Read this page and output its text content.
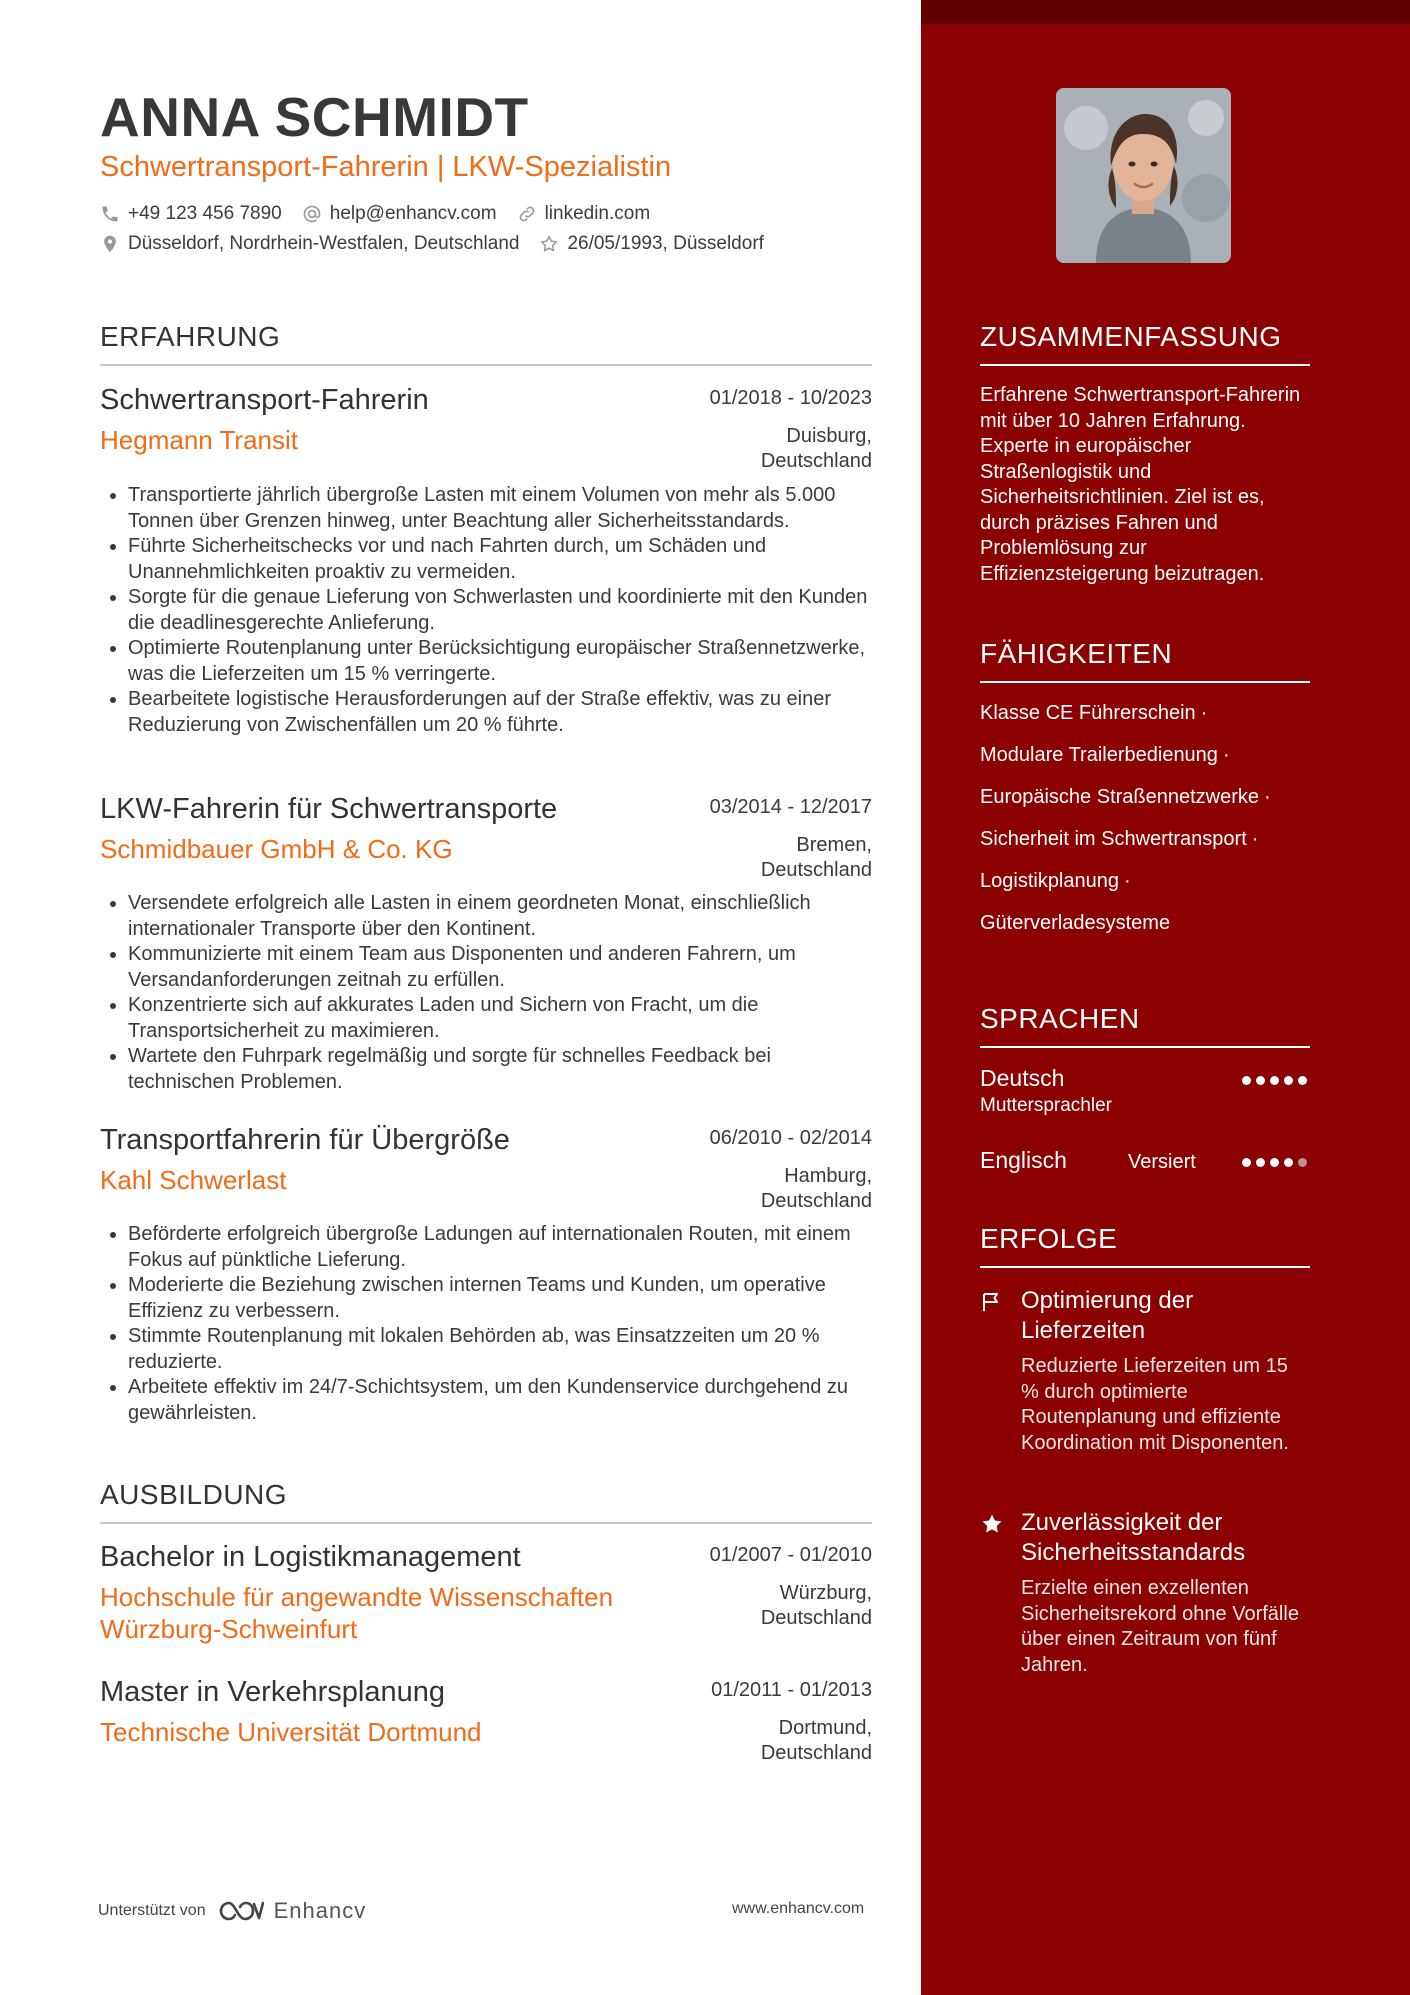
ANNA SCHMIDT
Schwertransport-Fahrerin | LKW-Spezialistin
+49 123 456 7890	help@enhancv.com	linkedin.com
Düsseldorf, Nordrhein-Westfalen, Deutschland	26/05/1993, Düsseldorf
ERFAHRUNG
Schwertransport-Fahrerin	01/2018 - 10/2023
Hegmann Transit	Duisburg,
Deutschland
• Transportierte jährlich übergroße Lasten mit einem Volumen von mehr als 5.000 Tonnen über Grenzen hinweg, unter Beachtung aller Sicherheitsstandards.
• Führte Sicherheitschecks vor und nach Fahrten durch, um Schäden und Unannehmlichkeiten proaktiv zu vermeiden.
• Sorgte für die genaue Lieferung von Schwerlasten und koordinierte mit den Kunden die deadlinesgerechte Anlieferung.
• Optimierte Routenplanung unter Berücksichtigung europäischer Straßennetzwerke, was die Lieferzeiten um 15 % verringerte.
• Bearbeitete logistische Herausforderungen auf der Straße effektiv, was zu einer Reduzierung von Zwischenfällen um 20 % führte.
LKW-Fahrerin für Schwertransporte	03/2014 - 12/2017
Schmidbauer GmbH & Co. KG	Bremen,
Deutschland
• Versendete erfolgreich alle Lasten in einem geordneten Monat, einschließlich internationaler Transporte über den Kontinent.
• Kommunizierte mit einem Team aus Disponenten und anderen Fahrern, um Versandanforderungen zeitnah zu erfüllen.
• Konzentrierte sich auf akkurates Laden und Sichern von Fracht, um die Transportsicherheit zu maximieren.
• Wartete den Fuhrpark regelmäßig und sorgte für schnelles Feedback bei technischen Problemen.
Transportfahrerin für Übergröße	06/2010 - 02/2014
Kahl Schwerlast	Hamburg,
Deutschland
• Beförderte erfolgreich übergroße Ladungen auf internationalen Routen, mit einem Fokus auf pünktliche Lieferung.
• Moderierte die Beziehung zwischen internen Teams und Kunden, um operative Effizienz zu verbessern.
• Stimmte Routenplanung mit lokalen Behörden ab, was Einsatzzeiten um 20 % reduzierte.
• Arbeitete effektiv im 24/7-Schichtsystem, um den Kundenservice durchgehend zu gewährleisten.
AUSBILDUNG
Bachelor in Logistikmanagement	01/2007 - 01/2010
Hochschule für angewandte Wissenschaften Würzburg-Schweinfurt
Würzburg,
Deutschland
Master in Verkehrsplanung	01/2011 - 01/2013
Technische Universität Dortmund	Dortmund,
Deutschland
Unterstützt von	Enhancv	www.enhancv.com
ZUSAMMENFASSUNG
Erfahrene Schwertransport-Fahrerin mit über 10 Jahren Erfahrung. Experte in europäischer Straßenlogistik und Sicherheitsrichtlinien. Ziel ist es, durch präzises Fahren und Problemlösung zur Effizienzsteigerung beizutragen.
FÄHIGKEITEN
Klasse CE Führerschein ·
Modulare Trailerbedienung ·
Europäische Straßennetzwerke ·
Sicherheit im Schwertransport ·
Logistikplanung ·
Güterverladesysteme
SPRACHEN
Deutsch
Muttersprachler
Englisch	Versiert
ERFOLGE
Optimierung der Lieferzeiten
Reduzierte Lieferzeiten um 15 % durch optimierte Routenplanung und effiziente Koordination mit Disponenten.
Zuverlässigkeit der Sicherheitsstandards
Erzielte einen exzellenten Sicherheitsrekord ohne Vorfälle über einen Zeitraum von fünf Jahren.
